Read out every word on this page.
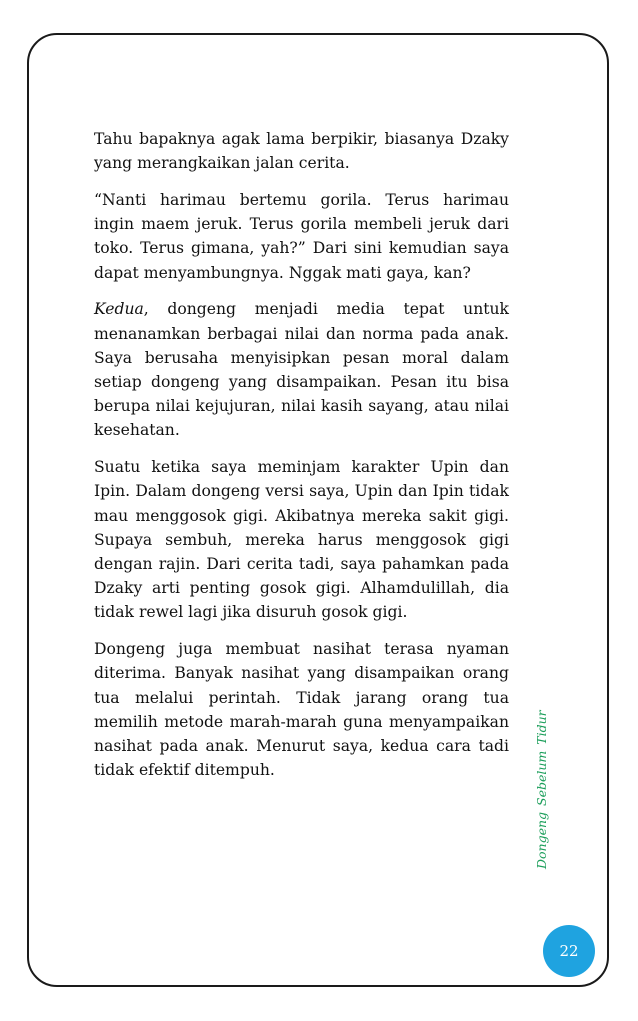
Tahu bapaknya agak lama berpikir, biasanya Dzaky yang merangkaikan jalan cerita.

“Nanti harimau bertemu gorila. Terus harimau ingin maem jeruk. Terus gorila membeli jeruk dari toko. Terus gimana, yah?” Dari sini kemudian saya dapat menyambungnya. Nggak mati gaya, kan?

Kedua, dongeng menjadi media tepat untuk menanamkan berbagai nilai dan norma pada anak. Saya berusaha menyisipkan pesan moral dalam setiap dongeng yang disampaikan. Pesan itu bisa berupa nilai kejujuran, nilai kasih sayang, atau nilai kesehatan.

Suatu ketika saya meminjam karakter Upin dan Ipin. Dalam dongeng versi saya, Upin dan Ipin tidak mau menggosok gigi. Akibatnya mereka sakit gigi. Supaya sembuh, mereka harus menggosok gigi dengan rajin. Dari cerita tadi, saya pahamkan pada Dzaky arti penting gosok gigi. Alhamdulillah, dia tidak rewel lagi jika disuruh gosok gigi.

Dongeng juga membuat nasihat terasa nyaman diterima. Banyak nasihat yang disampaikan orang tua melalui perintah. Tidak jarang orang tua memilih metode marah-marah guna menyampaikan nasihat pada anak. Menurut saya, kedua cara tadi tidak efektif ditempuh.	Dongeng Sebelum Tidur
22
